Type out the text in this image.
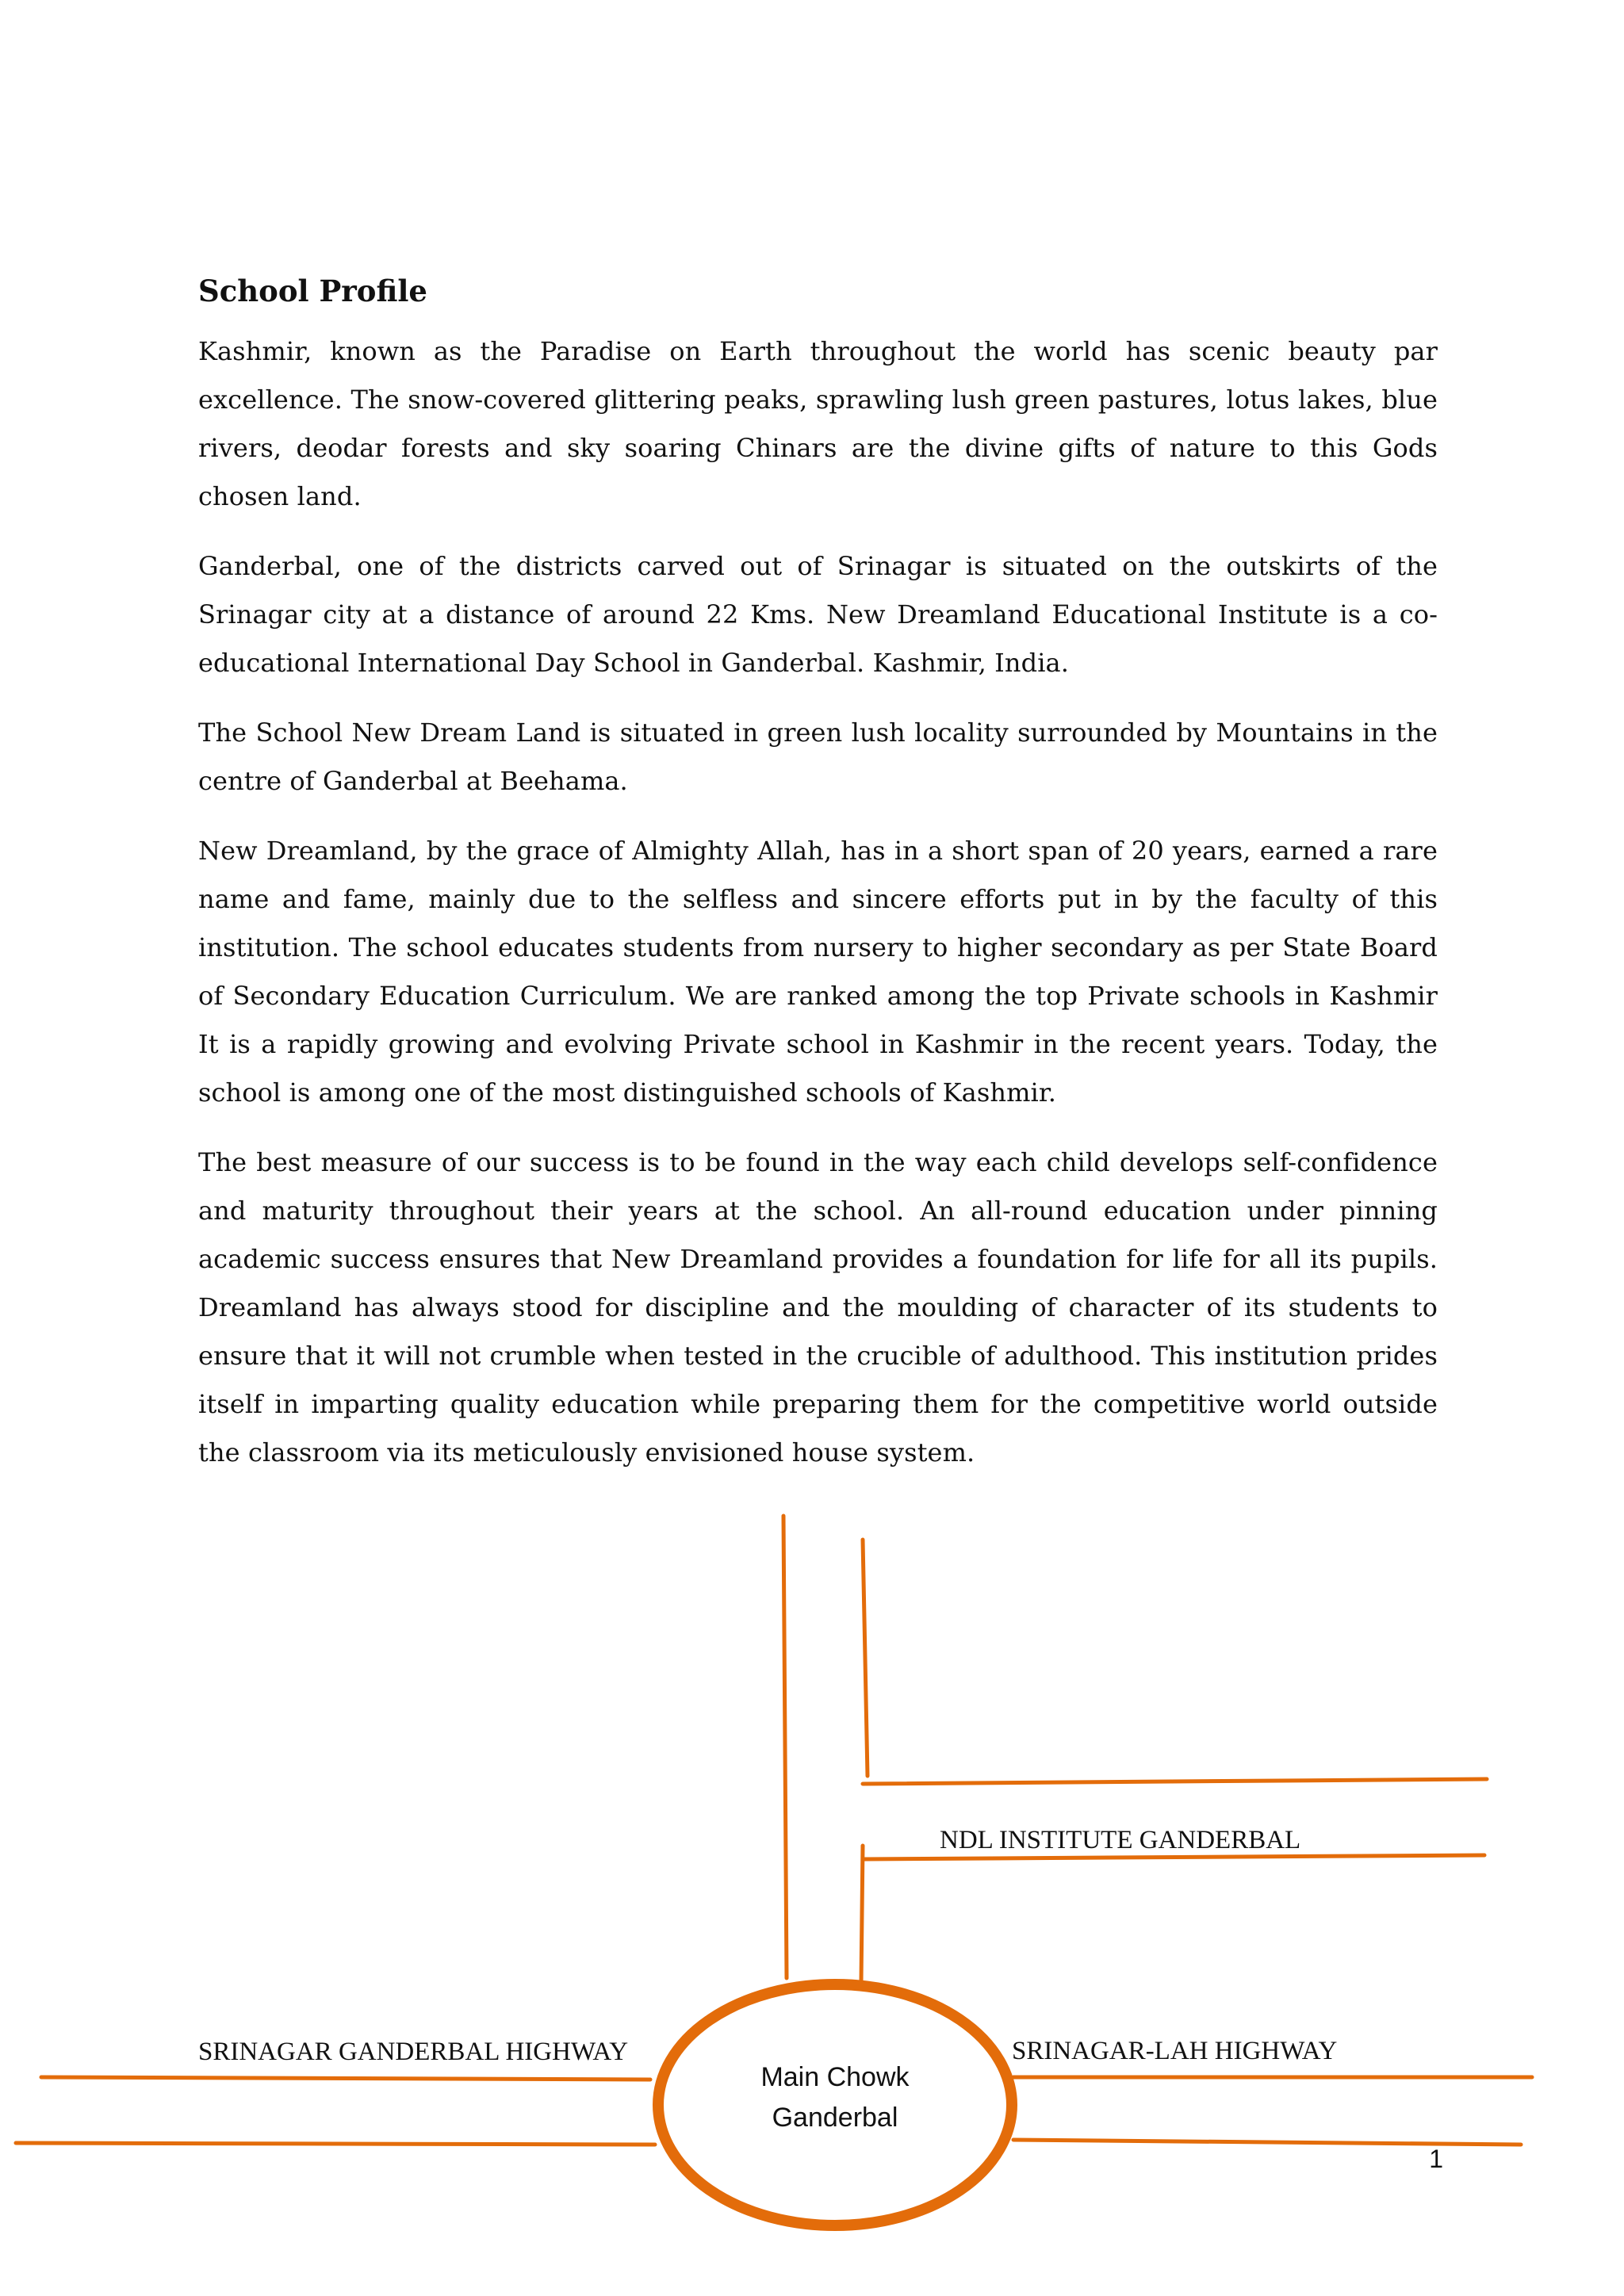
School Profile

Kashmir, known as the Paradise on Earth throughout the world has scenic beauty par excellence. The snow-covered glittering peaks, sprawling lush green pastures, lotus lakes, blue rivers, deodar forests and sky soaring Chinars are the divine gifts of nature to this Gods chosen land.

Ganderbal, one of the districts carved out of Srinagar is situated on the outskirts of the Srinagar city at a distance of around 22 Kms. New Dreamland Educational Institute is a co-educational International Day School in Ganderbal. Kashmir, India.

The School New Dream Land is situated in green lush locality surrounded by Mountains in the centre of Ganderbal at Beehama.

New Dreamland, by the grace of Almighty Allah, has in a short span of 20 years, earned a rare name and fame, mainly due to the selfless and sincere efforts put in by the faculty of this institution. The school educates students from nursery to higher secondary as per State Board of Secondary Education Curriculum. We are ranked among the top Private schools in Kashmir It is a rapidly growing and evolving Private school in Kashmir in the recent years. Today, the school is among one of the most distinguished schools of Kashmir.

The best measure of our success is to be found in the way each child develops self-confidence and maturity throughout their years at the school. An all-round education under pinning academic success ensures that New Dreamland provides a foundation for life for all its pupils. Dreamland has always stood for discipline and the moulding of character of its students to ensure that it will not crumble when tested in the crucible of adulthood. This institution prides itself in imparting quality education while preparing them for the competitive world outside the classroom via its meticulously envisioned house system.

NDL INSTITUTE GANDERBAL
SRINAGAR GANDERBAL HIGHWAY	SRINAGAR-LAH HIGHWAY
Main Chowk
Ganderbal
1
